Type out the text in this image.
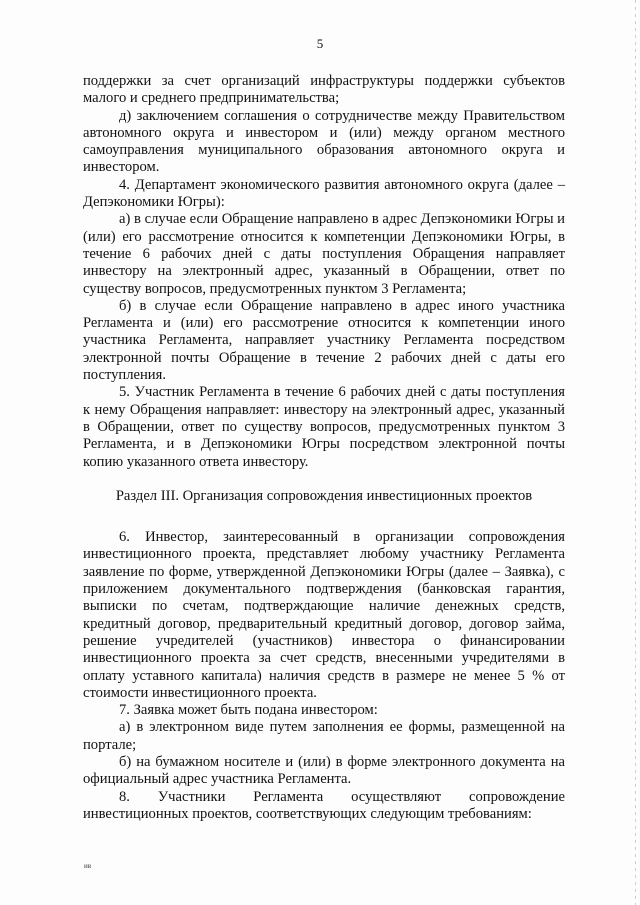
5

поддержки за счет организаций инфраструктуры поддержки субъектов малого и среднего предпринимательства;

д) заключением соглашения о сотрудничестве между Правительством автономного округа и инвестором и (или) между органом местного самоуправления муниципального образования автономного округа и инвестором.

4. Департамент экономического развития автономного округа (далее – Депэкономики Югры):

а) в случае если Обращение направлено в адрес Депэкономики Югры и (или) его рассмотрение относится к компетенции Депэкономики Югры, в течение 6 рабочих дней с даты поступления Обращения направляет инвестору на электронный адрес, указанный в Обращении, ответ по существу вопросов, предусмотренных пунктом 3 Регламента;

б) в случае если Обращение направлено в адрес иного участника Регламента и (или) его рассмотрение относится к компетенции иного участника Регламента, направляет участнику Регламента посредством электронной почты Обращение в течение 2 рабочих дней с даты его поступления.

5. Участник Регламента в течение 6 рабочих дней с даты поступления к нему Обращения направляет: инвестору на электронный адрес, указанный в Обращении, ответ по существу вопросов, предусмотренных пунктом 3 Регламента, и в Депэкономики Югры посредством электронной почты копию указанного ответа инвестору.

Раздел III. Организация сопровождения инвестиционных проектов

6. Инвестор, заинтересованный в организации сопровождения инвестиционного проекта, представляет любому участнику Регламента заявление по форме, утвержденной Депэкономики Югры (далее – Заявка), с приложением документального подтверждения (банковская гарантия, выписки по счетам, подтверждающие наличие денежных средств, кредитный договор, предварительный кредитный договор, договор займа, решение учредителей (участников) инвестора о финансировании инвестиционного проекта за счет средств, внесенными учредителями в оплату уставного капитала) наличия средств в размере не менее 5 % от стоимости инвестиционного проекта.

7. Заявка может быть подана инвестором:

а) в электронном виде путем заполнения ее формы, размещенной на портале;

б) на бумажном носителе и (или) в форме электронного документа на официальный адрес участника Регламента.

8. Участники Регламента осуществляют сопровождение инвестиционных проектов, соответствующих следующим требованиям:

ив
